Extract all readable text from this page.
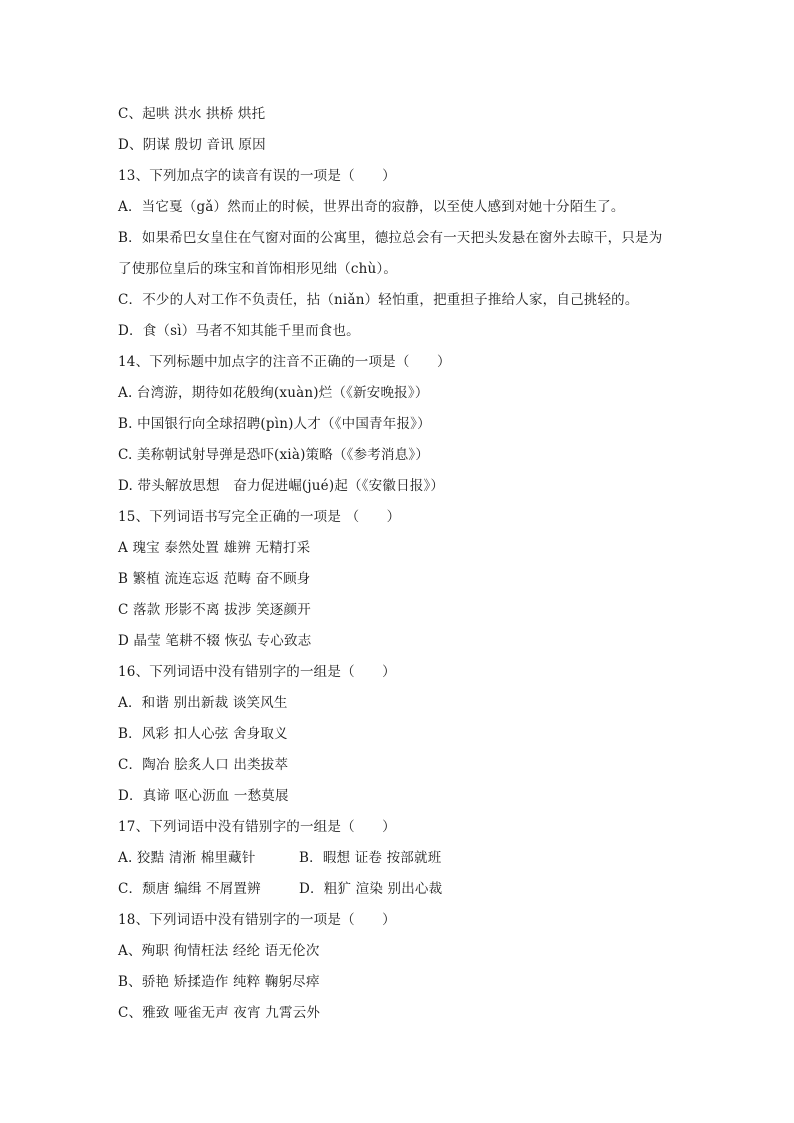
C、起哄 洪水 拱桥 烘托
D、阴谋 殷切 音讯 原因
13、下列加点字的读音有误的一项是（　　）
A．当它戛（gǎ）然而止的时候，世界出奇的寂静，以至使人感到对她十分陌生了。
B．如果希巴女皇住在气窗对面的公寓里，德拉总会有一天把头发悬在窗外去晾干，只是为
了使那位皇后的珠宝和首饰相形见绌（chù）。
C．不少的人对工作不负责任，拈（niǎn）轻怕重，把重担子推给人家，自己挑轻的。
D．食（sì）马者不知其能千里而食也。
14、下列标题中加点字的注音不正确的一项是（　　）
A. 台湾游，期待如花般绚(xuàn)烂（《新安晚报》）
B. 中国银行向全球招聘(pìn)人才（《中国青年报》）
C. 美称朝试射导弹是恐吓(xià)策略（《参考消息》）
D. 带头解放思想　奋力促进崛(jué)起（《安徽日报》）
15、下列词语书写完全正确的一项是 （　　）
A 瑰宝 泰然处置 雄辨 无精打采
B 繁植 流连忘返 范畴 奋不顾身
C 落款 形影不离 拔涉 笑逐颜开
D 晶莹 笔耕不辍 恢弘 专心致志
16、下列词语中没有错别字的一组是（　　）
A．和谐 别出新裁 谈笑风生
B．风彩 扣人心弦 舍身取义
C．陶冶 脍炙人口 出类拔萃
D．真谛 呕心沥血 一愁莫展
17、下列词语中没有错别字的一组是（　　）
A. 狡黠 清淅 棉里藏针	B．暇想 证卷 按部就班
C．颓唐 编缉 不屑置辨	D．粗犷 渲染 别出心裁
18、下列词语中没有错别字的一项是（　　）
A、殉职 徇情枉法 经纶 语无伦次
B、骄艳 矫揉造作 纯粹 鞠躬尽瘁
C、雅致 哑雀无声 夜宵 九霄云外
